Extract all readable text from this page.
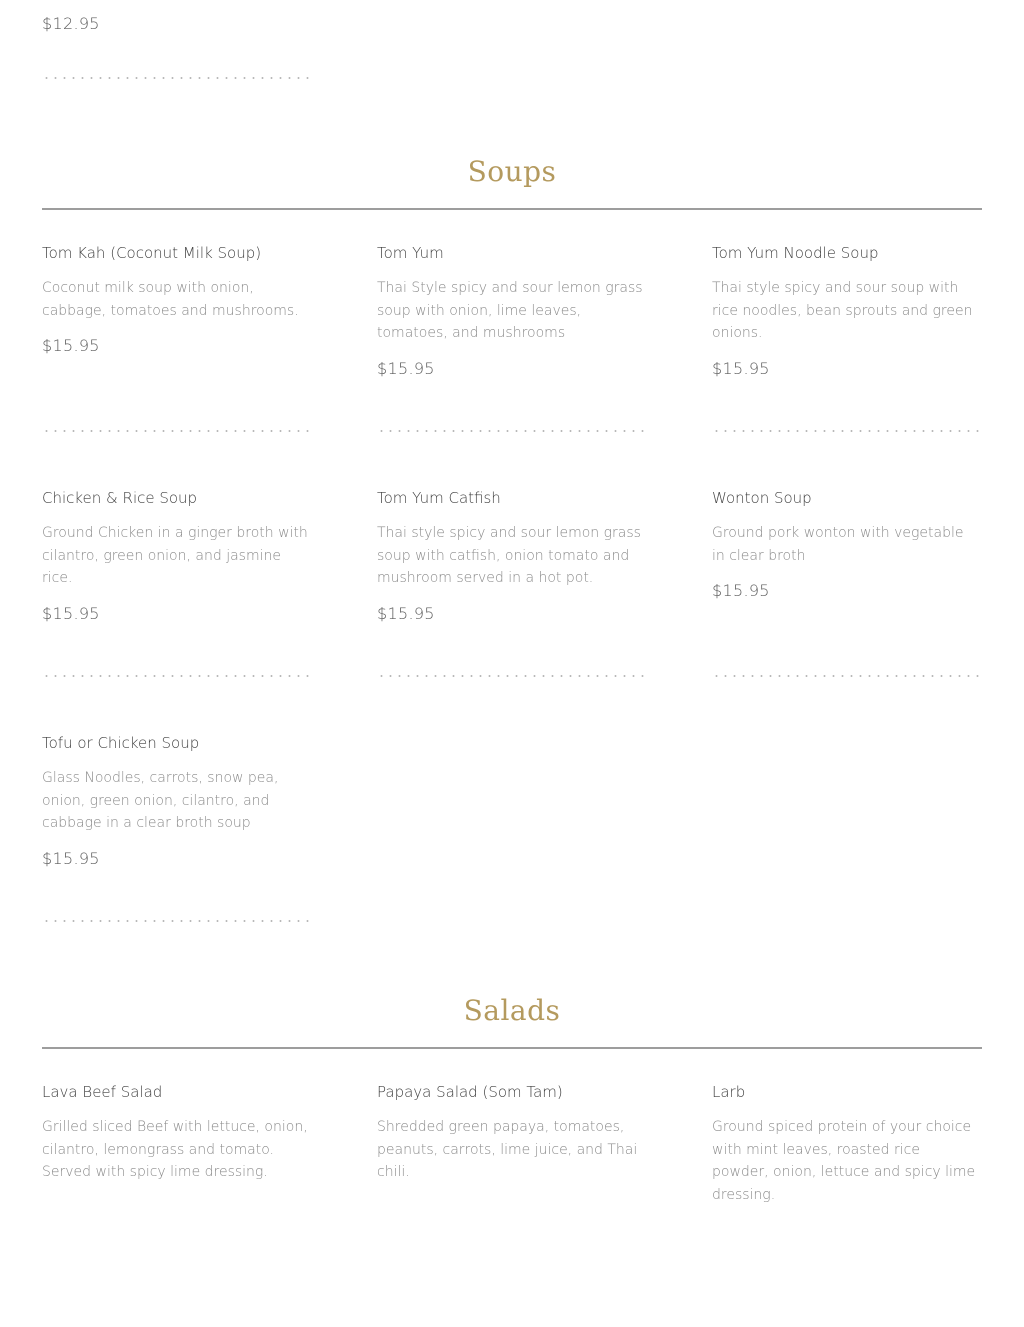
$12.95
Soups

Tom Kah (Coconut Milk Soup)

Coconut milk soup with onion, cabbage, tomatoes and mushrooms.
$15.95

Tom Yum

Thai Style spicy and sour lemon grass soup with onion, lime leaves, tomatoes, and mushrooms
$15.95

Tom Yum Noodle Soup

Thai style spicy and sour soup with rice noodles, bean sprouts and green onions.
$15.95

Chicken & Rice Soup

Ground Chicken in a ginger broth with cilantro, green onion, and jasmine rice.
$15.95

Tom Yum Catfish

Thai style spicy and sour lemon grass soup with catfish, onion tomato and mushroom served in a hot pot.
$15.95

Wonton Soup

Ground pork wonton with vegetable in clear broth
$15.95

Tofu or Chicken Soup

Glass Noodles, carrots, snow pea, onion, green onion, cilantro, and cabbage in a clear broth soup
$15.95
Salads

Lava Beef Salad

Grilled sliced Beef with lettuce, onion, cilantro, lemongrass and tomato. Served with spicy lime dressing.

Papaya Salad (Som Tam)

Shredded green papaya, tomatoes, peanuts, carrots, lime juice, and Thai chili.

Larb

Ground spiced protein of your choice with mint leaves, roasted rice powder, onion, lettuce and spicy lime dressing.
